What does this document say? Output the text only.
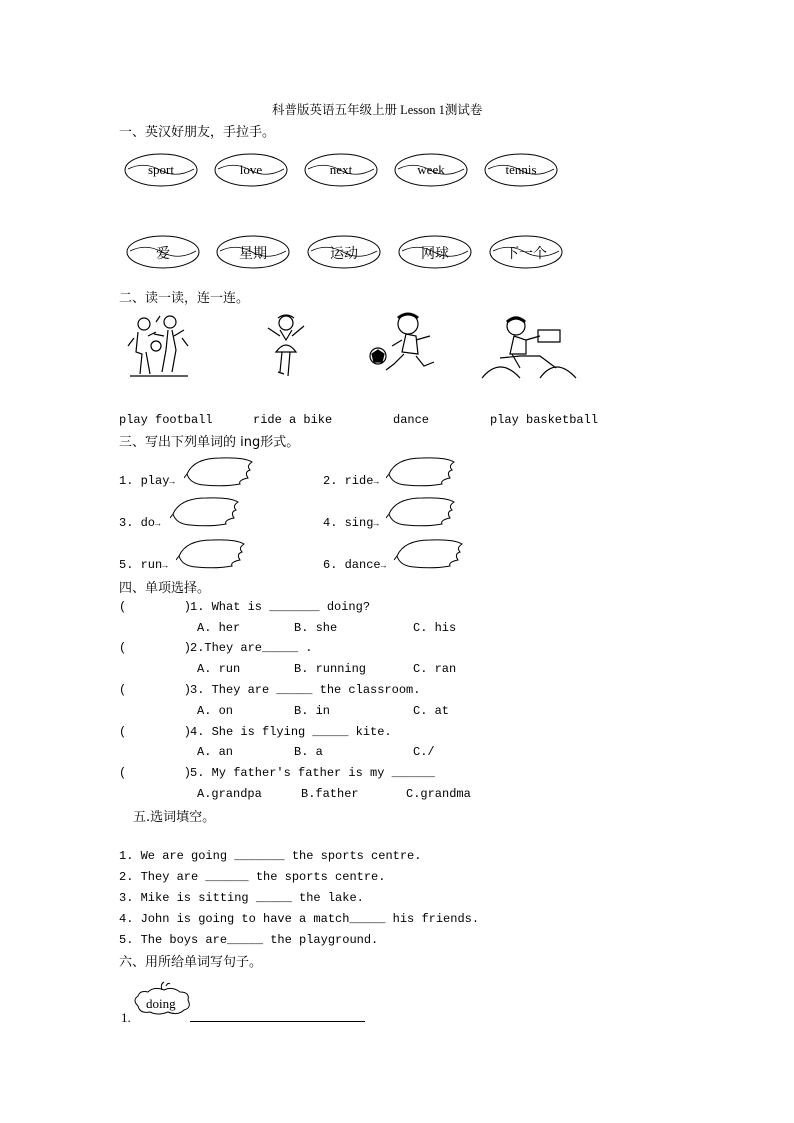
科普版英语五年级上册 Lesson 1测试卷
一、英汉好朋友，手拉手。
sport	love	next	week	tennis
爱	星期	运动	网球	下一个
二、读一读，连一连。
play football	ride a bike	dance	play basketball
三、写出下列单词的 ing形式。
1. play→	2. ride→
3. do→	4. sing→
5. run→	6. dance→
四、单项选择。
(        )
1. What is _______ doing?
A. her	B. she	C. his
(        )
2.They are_____ .
A. run	B. running	C. ran
(        )
3. They are _____ the classroom.
A. on	B. in	C. at
(        )
4. She is flying _____ kite.
A. an	B. a	C./
(        )
5. My father's father is my ______
A.grandpa	B.father	C.grandma
五.选词填空。
1. We are going _______ the sports centre.
2. They are ______ the sports centre.
3. Mike is sitting _____ the lake.
4. John is going to have a match_____ his friends.
5. The boys are_____ the playground.
六、用所给单词写句子。
doing
1.
